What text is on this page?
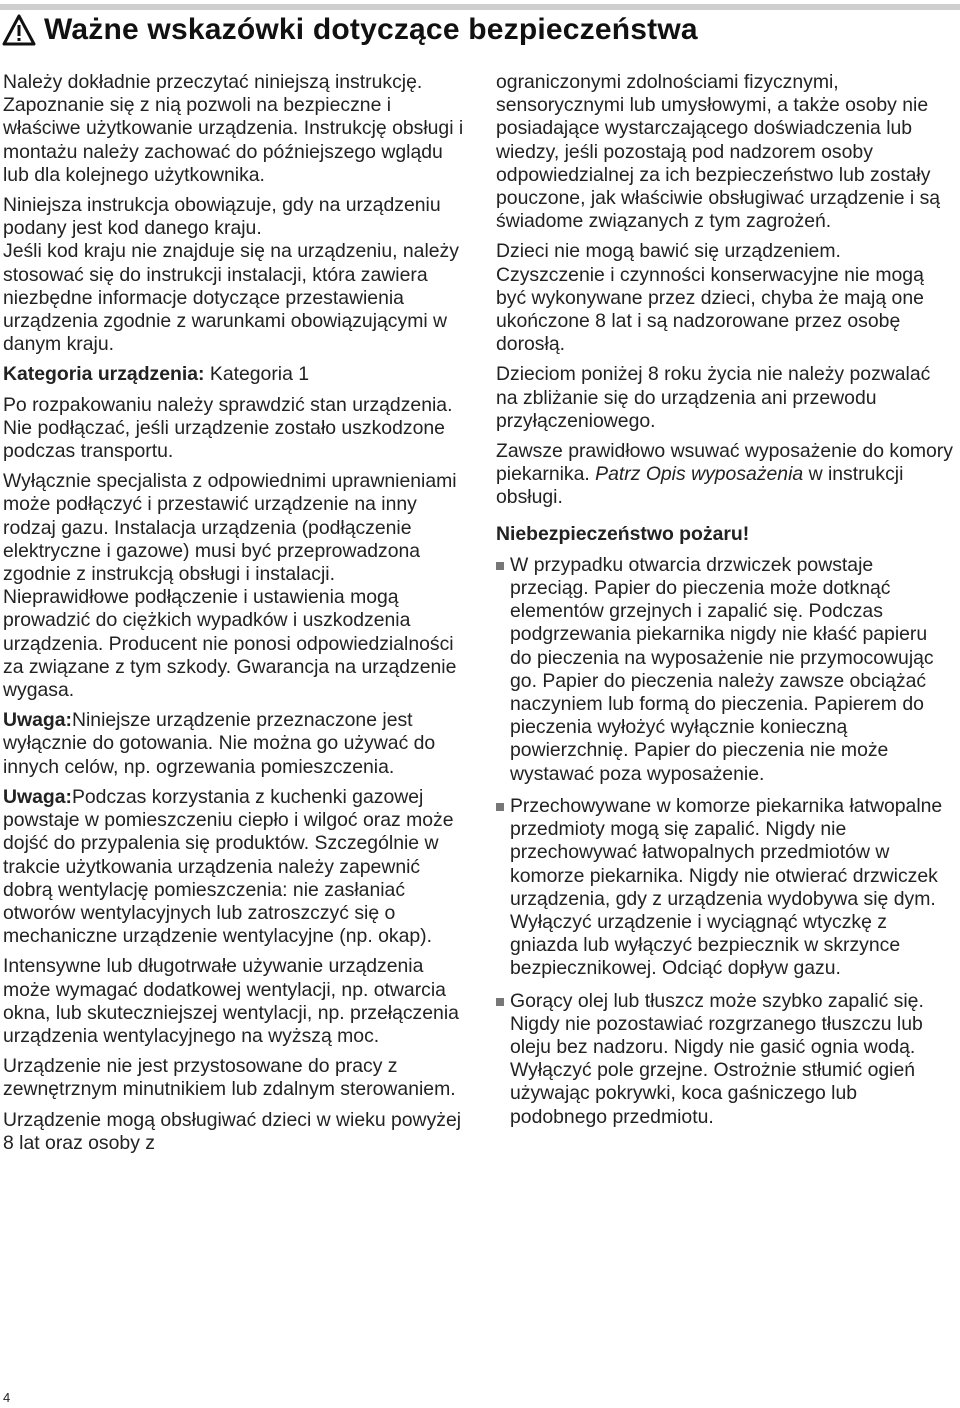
Ważne wskazówki dotyczące bezpieczeństwa

Należy dokładnie przeczytać niniejszą instrukcję. Zapoznanie się z nią pozwoli na bezpieczne i właściwe użytkowanie urządzenia. Instrukcję obsługi i montażu należy zachować do późniejszego wglądu lub dla kolejnego użytkownika.

Niniejsza instrukcja obowiązuje, gdy na urządzeniu podany jest kod danego kraju.

Jeśli kod kraju nie znajduje się na urządzeniu, należy stosować się do instrukcji instalacji, która zawiera niezbędne informacje dotyczące przestawienia urządzenia zgodnie z warunkami obowiązującymi w danym kraju.

Kategoria urządzenia: Kategoria 1

Po rozpakowaniu należy sprawdzić stan urządzenia. Nie podłączać, jeśli urządzenie zostało uszkodzone podczas transportu.

Wyłącznie specjalista z odpowiednimi uprawnieniami może podłączyć i przestawić urządzenie na inny rodzaj gazu. Instalacja urządzenia (podłączenie elektryczne i gazowe) musi być przeprowadzona zgodnie z instrukcją obsługi i instalacji.

Nieprawidłowe podłączenie i ustawienia mogą prowadzić do ciężkich wypadków i uszkodzenia urządzenia. Producent nie ponosi odpowiedzialności za związane z tym szkody. Gwarancja na urządzenie wygasa.

Uwaga:Niniejsze urządzenie przeznaczone jest wyłącznie do gotowania. Nie można go używać do innych celów, np. ogrzewania pomieszczenia.

Uwaga:Podczas korzystania z kuchenki gazowej powstaje w pomieszczeniu ciepło i wilgoć oraz może dojść do przypalenia się produktów. Szczególnie w trakcie użytkowania urządzenia należy zapewnić dobrą wentylację pomieszczenia: nie zasłaniać otworów wentylacyjnych lub zatroszczyć się o mechaniczne urządzenie wentylacyjne (np. okap).

Intensywne lub długotrwałe używanie urządzenia może wymagać dodatkowej wentylacji, np. otwarcia okna, lub skuteczniejszej wentylacji, np. przełączenia urządzenia wentylacyjnego na wyższą moc.

Urządzenie nie jest przystosowane do pracy z zewnętrznym minutnikiem lub zdalnym sterowaniem.

Urządzenie mogą obsługiwać dzieci w wieku powyżej 8 lat oraz osoby z

ograniczonymi zdolnościami fizycznymi, sensorycznymi lub umysłowymi, a także osoby nie posiadające wystarczającego doświadczenia lub wiedzy, jeśli pozostają pod nadzorem osoby odpowiedzialnej za ich bezpieczeństwo lub zostały pouczone, jak właściwie obsługiwać urządzenie i są świadome związanych z tym zagrożeń.

Dzieci nie mogą bawić się urządzeniem. Czyszczenie i czynności konserwacyjne nie mogą być wykonywane przez dzieci, chyba że mają one ukończone 8 lat i są nadzorowane przez osobę dorosłą.

Dzieciom poniżej 8 roku życia nie należy pozwalać na zbliżanie się do urządzenia ani przewodu przyłączeniowego.

Zawsze prawidłowo wsuwać wyposażenie do komory piekarnika. Patrz Opis wyposażenia w instrukcji obsługi.

Niebezpieczeństwo pożaru!
W przypadku otwarcia drzwiczek powstaje przeciąg. Papier do pieczenia może dotknąć elementów grzejnych i zapalić się. Podczas podgrzewania piekarnika nigdy nie kłaść papieru do pieczenia na wyposażenie nie przymocowując go. Papier do pieczenia należy zawsze obciążać naczyniem lub formą do pieczenia. Papierem do pieczenia wyłożyć wyłącznie konieczną powierzchnię. Papier do pieczenia nie może wystawać poza wyposażenie.
Przechowywane w komorze piekarnika łatwopalne przedmioty mogą się zapalić. Nigdy nie przechowywać łatwopalnych przedmiotów w komorze piekarnika. Nigdy nie otwierać drzwiczek urządzenia, gdy z urządzenia wydobywa się dym. Wyłączyć urządzenie i wyciągnąć wtyczkę z gniazda lub wyłączyć bezpiecznik w skrzynce bezpiecznikowej. Odciąć dopływ gazu.
Gorący olej lub tłuszcz może szybko zapalić się. Nigdy nie pozostawiać rozgrzanego tłuszczu lub oleju bez nadzoru. Nigdy nie gasić ognia wodą. Wyłączyć pole grzejne. Ostrożnie stłumić ogień używając pokrywki, koca gaśniczego lub podobnego przedmiotu.
4
